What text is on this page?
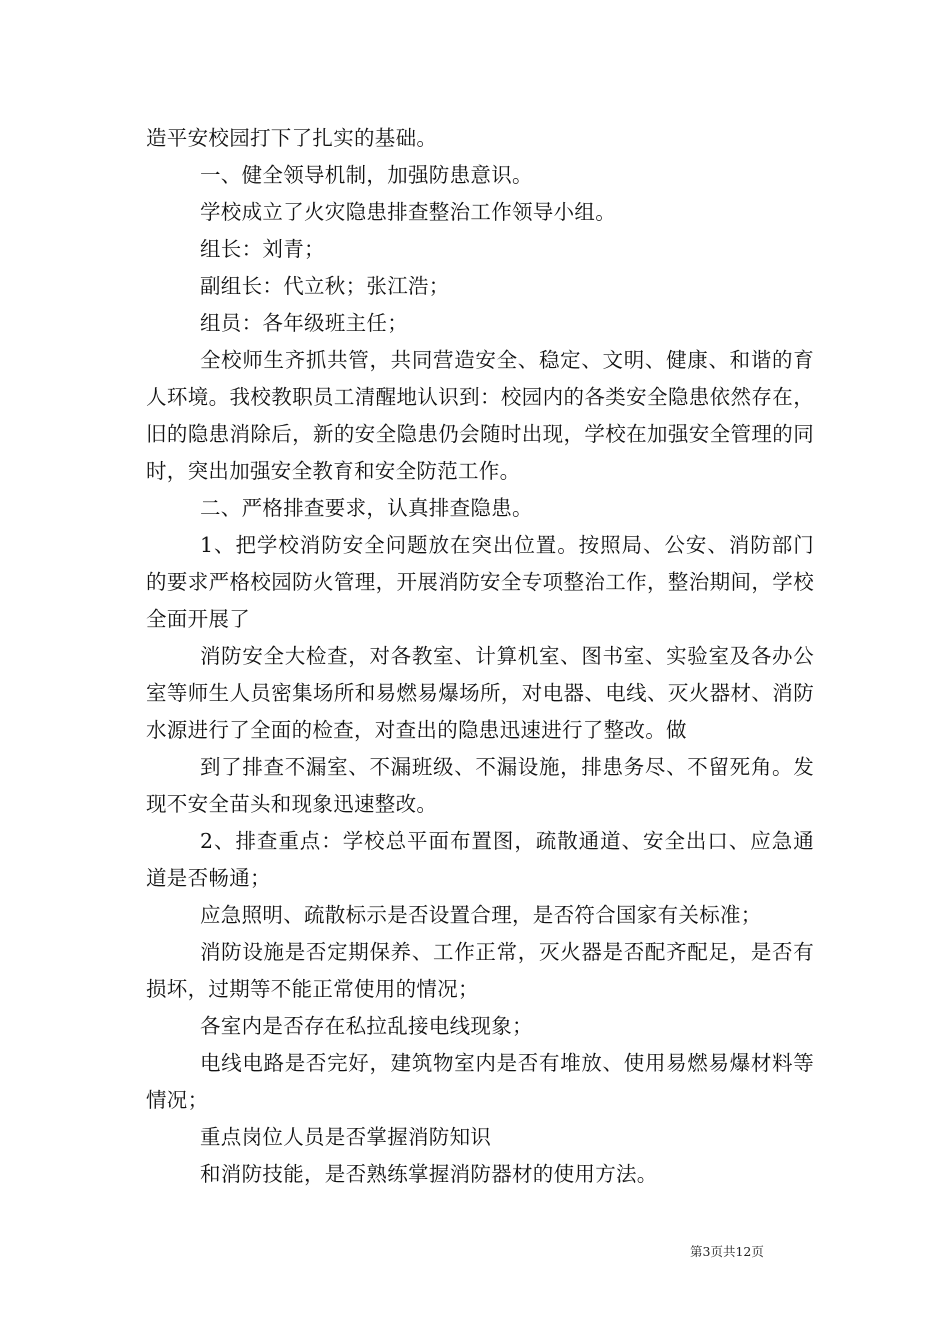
造平安校园打下了扎实的基础。

一、健全领导机制，加强防患意识。

学校成立了火灾隐患排查整治工作领导小组。

组长：刘青；

副组长：代立秋；张江浩；

组员：各年级班主任；

全校师生齐抓共管，共同营造安全、稳定、文明、健康、和谐的育人环境。我校教职员工清醒地认识到：校园内的各类安全隐患依然存在，旧的隐患消除后，新的安全隐患仍会随时出现，学校在加强安全管理的同时，突出加强安全教育和安全防范工作。

二、严格排查要求，认真排查隐患。

1、把学校消防安全问题放在突出位置。按照局、公安、消防部门的要求严格校园防火管理，开展消防安全专项整治工作，整治期间，学校全面开展了

消防安全大检查，对各教室、计算机室、图书室、实验室及各办公室等师生人员密集场所和易燃易爆场所，对电器、电线、灭火器材、消防水源进行了全面的检查，对查出的隐患迅速进行了整改。做

到了排查不漏室、不漏班级、不漏设施，排患务尽、不留死角。发现不安全苗头和现象迅速整改。

2、排查重点：学校总平面布置图，疏散通道、安全出口、应急通道是否畅通；

应急照明、疏散标示是否设置合理，是否符合国家有关标准；

消防设施是否定期保养、工作正常，灭火器是否配齐配足，是否有损坏，过期等不能正常使用的情况；

各室内是否存在私拉乱接电线现象；

电线电路是否完好，建筑物室内是否有堆放、使用易燃易爆材料等情况；

重点岗位人员是否掌握消防知识

和消防技能，是否熟练掌握消防器材的使用方法。

第3页共12页
